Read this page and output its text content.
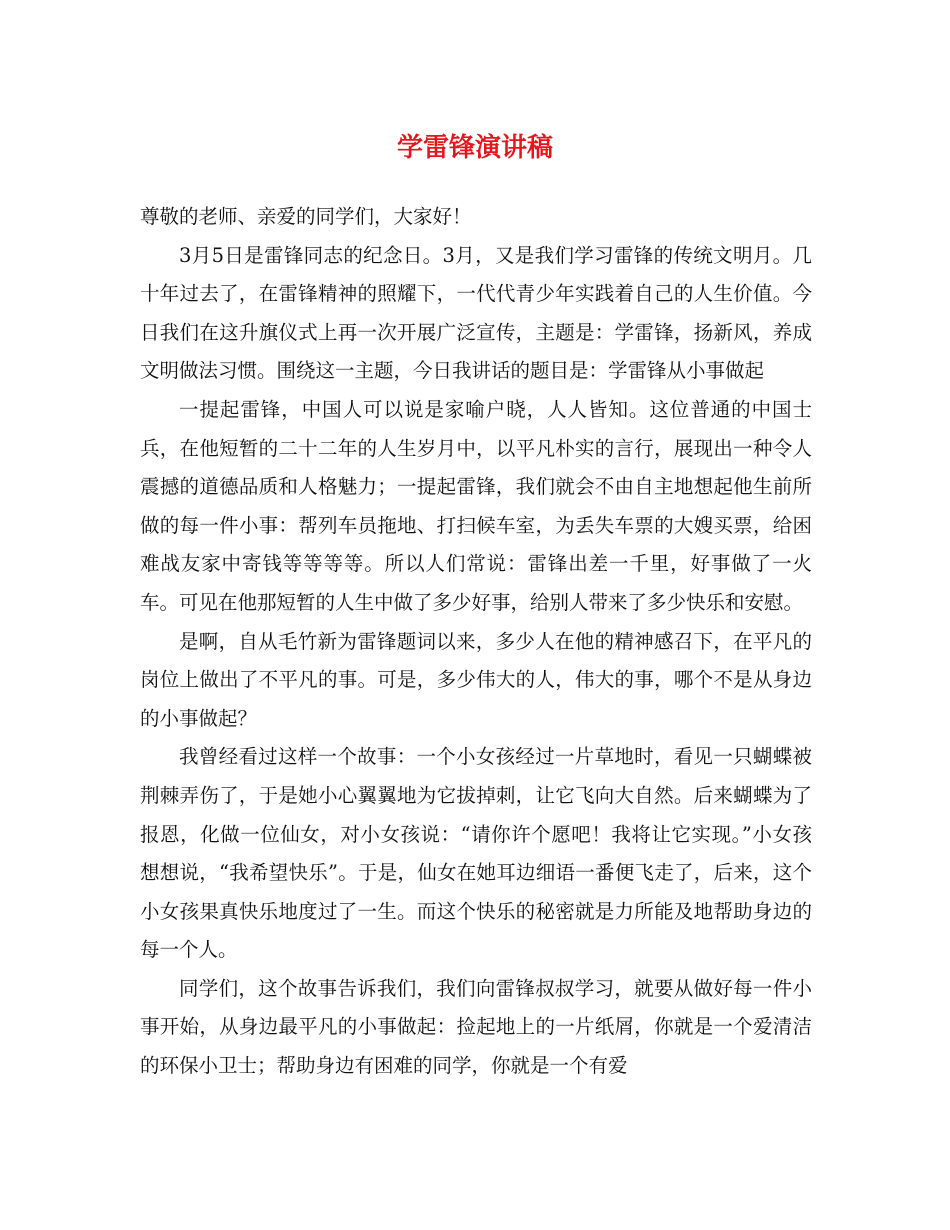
学雷锋演讲稿

尊敬的老师、亲爱的同学们，大家好！

3月5日是雷锋同志的纪念日。3月，又是我们学习雷锋的传统文明月。几十年过去了，在雷锋精神的照耀下，一代代青少年实践着自己的人生价值。今日我们在这升旗仪式上再一次开展广泛宣传，主题是：学雷锋，扬新风，养成文明做法习惯。围绕这一主题，今日我讲话的题目是：学雷锋从小事做起

一提起雷锋，中国人可以说是家喻户晓，人人皆知。这位普通的中国士兵，在他短暂的二十二年的人生岁月中，以平凡朴实的言行，展现出一种令人震撼的道德品质和人格魅力；一提起雷锋，我们就会不由自主地想起他生前所做的每一件小事：帮列车员拖地、打扫候车室，为丢失车票的大嫂买票，给困难战友家中寄钱等等等等。所以人们常说：雷锋出差一千里，好事做了一火车。可见在他那短暂的人生中做了多少好事，给别人带来了多少快乐和安慰。

是啊，自从毛竹新为雷锋题词以来，多少人在他的精神感召下，在平凡的岗位上做出了不平凡的事。可是，多少伟大的人，伟大的事，哪个不是从身边的小事做起？

我曾经看过这样一个故事：一个小女孩经过一片草地时，看见一只蝴蝶被荆棘弄伤了，于是她小心翼翼地为它拔掉刺，让它飞向大自然。后来蝴蝶为了报恩，化做一位仙女，对小女孩说：“请你许个愿吧！我将让它实现。”小女孩想想说，“我希望快乐”。于是，仙女在她耳边细语一番便飞走了，后来，这个小女孩果真快乐地度过了一生。而这个快乐的秘密就是力所能及地帮助身边的每一个人。

同学们，这个故事告诉我们，我们向雷锋叔叔学习，就要从做好每一件小事开始，从身边最平凡的小事做起：捡起地上的一片纸屑，你就是一个爱清洁的环保小卫士；帮助身边有困难的同学，你就是一个有爱
